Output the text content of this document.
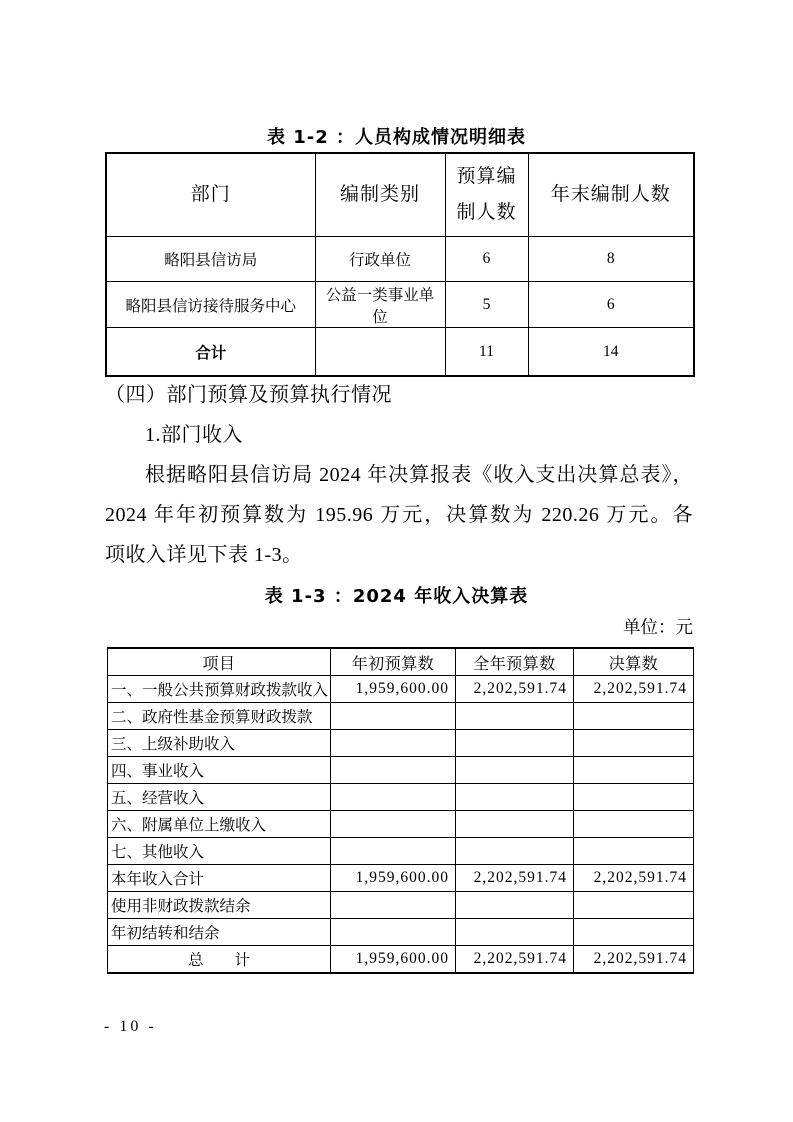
表 1-2 ：人员构成情况明细表
部门	编制类别	预算编制人数	年末编制人数
略阳县信访局	行政单位	6	8
略阳县信访接待服务中心	公益一类事业单位	5	6
合计		11	14
（四）部门预算及预算执行情况
1.部门收入
根据略阳县信访局 2024 年决算报表《收入支出决算总表》，
2024 年年初预算数为 195.96 万元，决算数为 220.26 万元。各
项收入详见下表 1-3。
表 1-3 ：2024 年收入决算表
单位：元
项目	年初预算数	全年预算数	决算数
一、一般公共预算财政拨款收入	1,959,600.00	2,202,591.74	2,202,591.74
二、政府性基金预算财政拨款			
三、上级补助收入			
四、事业收入			
五、经营收入			
六、附属单位上缴收入			
七、其他收入			
本年收入合计	1,959,600.00	2,202,591.74	2,202,591.74
使用非财政拨款结余			
年初结转和结余			
总　　计	1,959,600.00	2,202,591.74	2,202,591.74
- 10 -
